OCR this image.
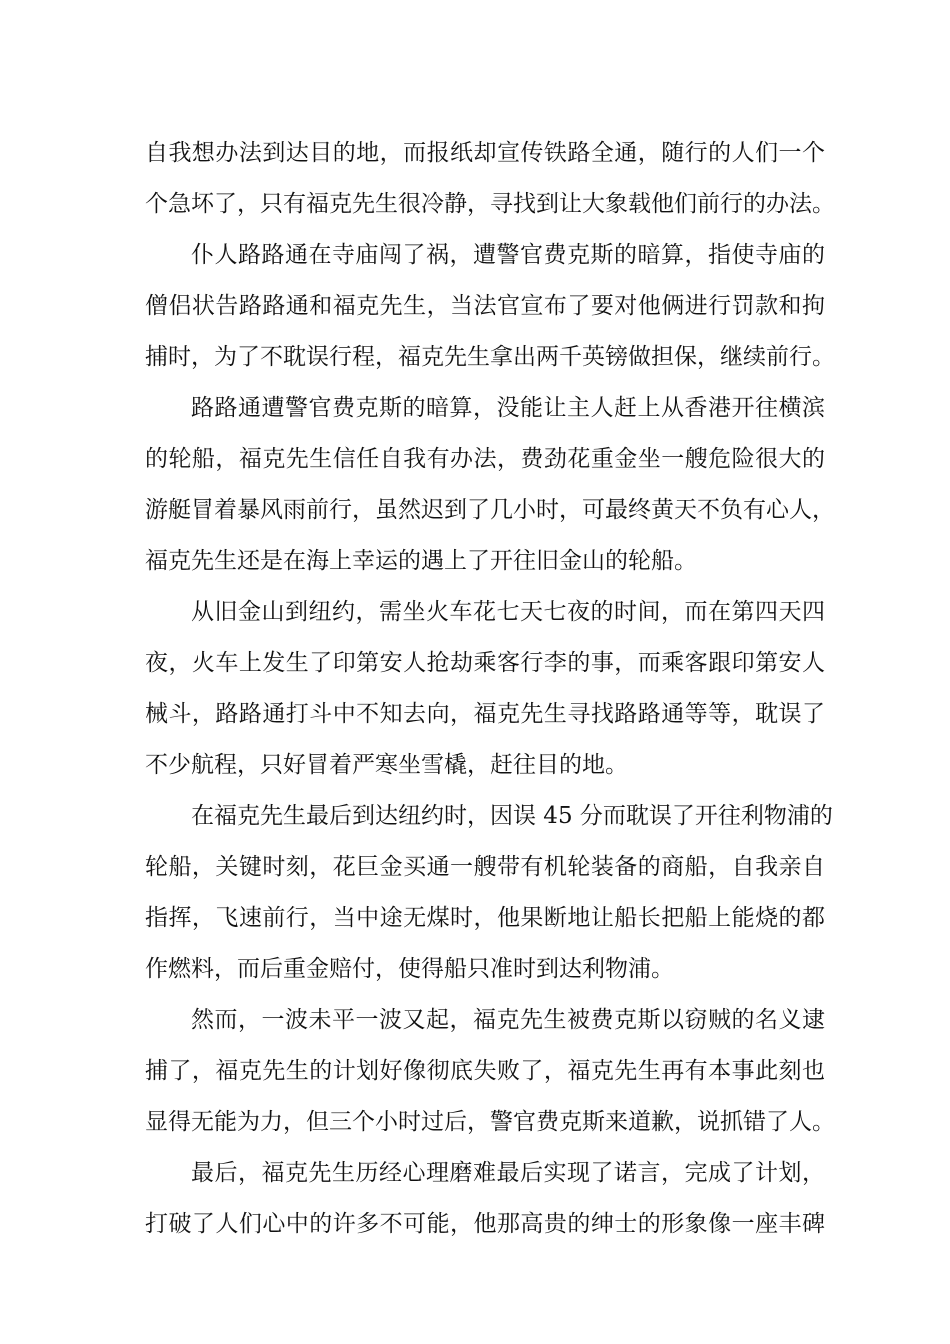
自我想办法到达目的地，而报纸却宣传铁路全通，随行的人们一个
个急坏了，只有福克先生很冷静，寻找到让大象载他们前行的办法。
仆人路路通在寺庙闯了祸，遭警官费克斯的暗算，指使寺庙的
僧侣状告路路通和福克先生，当法官宣布了要对他俩进行罚款和拘
捕时，为了不耽误行程，福克先生拿出两千英镑做担保，继续前行。
路路通遭警官费克斯的暗算，没能让主人赶上从香港开往横滨
的轮船，福克先生信任自我有办法，费劲花重金坐一艘危险很大的
游艇冒着暴风雨前行，虽然迟到了几小时，可最终黄天不负有心人，
福克先生还是在海上幸运的遇上了开往旧金山的轮船。
从旧金山到纽约，需坐火车花七天七夜的时间，而在第四天四
夜，火车上发生了印第安人抢劫乘客行李的事，而乘客跟印第安人
械斗，路路通打斗中不知去向，福克先生寻找路路通等等，耽误了
不少航程，只好冒着严寒坐雪橇，赶往目的地。
在福克先生最后到达纽约时，因误 45 分而耽误了开往利物浦的
轮船，关键时刻，花巨金买通一艘带有机轮装备的商船，自我亲自
指挥，飞速前行，当中途无煤时，他果断地让船长把船上能烧的都
作燃料，而后重金赔付，使得船只准时到达利物浦。
然而，一波未平一波又起，福克先生被费克斯以窃贼的名义逮
捕了，福克先生的计划好像彻底失败了，福克先生再有本事此刻也
显得无能为力，但三个小时过后，警官费克斯来道歉，说抓错了人。
最后，福克先生历经心理磨难最后实现了诺言，完成了计划，
打破了人们心中的许多不可能，他那高贵的绅士的形象像一座丰碑
